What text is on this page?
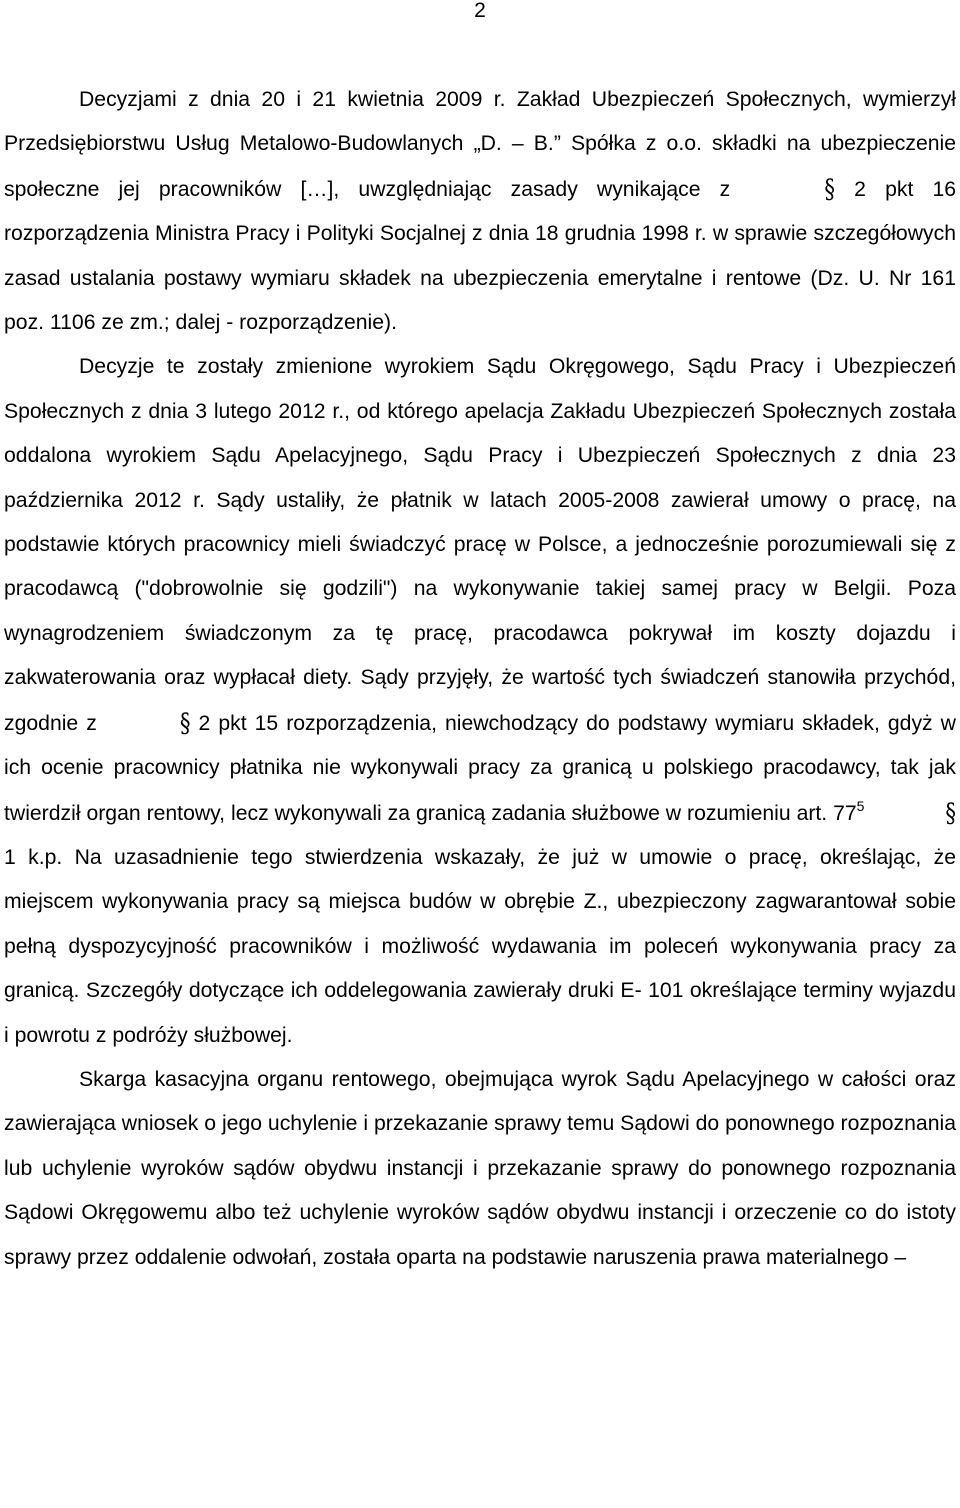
2

Decyzjami z dnia 20 i 21 kwietnia 2009 r. Zakład Ubezpieczeń Społecznych, wymierzył Przedsiębiorstwu Usług Metalowo-Budowlanych „D. – B.” Spółka z o.o. składki na ubezpieczenie społeczne jej pracowników […], uwzględniając zasady wynikające z	§ 2 pkt 16 rozporządzenia Ministra Pracy i Polityki Socjalnej z dnia 18 grudnia 1998 r. w sprawie szczegółowych zasad ustalania postawy wymiaru składek na ubezpieczenia emerytalne i rentowe (Dz. U. Nr 161 poz. 1106 ze zm.; dalej - rozporządzenie).

Decyzje te zostały zmienione wyrokiem Sądu Okręgowego, Sądu Pracy i Ubezpieczeń Społecznych z dnia 3 lutego 2012 r., od którego apelacja Zakładu Ubezpieczeń Społecznych została oddalona wyrokiem Sądu Apelacyjnego, Sądu Pracy i Ubezpieczeń Społecznych z dnia 23 października 2012 r. Sądy ustaliły, że płatnik w latach 2005-2008 zawierał umowy o pracę, na podstawie których pracownicy mieli świadczyć pracę w Polsce, a jednocześnie porozumiewali się z pracodawcą ("dobrowolnie się godzili") na wykonywanie takiej samej pracy w Belgii. Poza wynagrodzeniem świadczonym za tę pracę, pracodawca pokrywał im koszty dojazdu i zakwaterowania oraz wypłacał diety. Sądy przyjęły, że wartość tych świadczeń stanowiła przychód, zgodnie z	§ 2 pkt 15 rozporządzenia, niewchodzący do podstawy wymiaru składek, gdyż w ich ocenie pracownicy płatnika nie wykonywali pracy za granicą u polskiego pracodawcy, tak jak twierdził organ rentowy, lecz wykonywali za granicą zadania służbowe w rozumieniu art. $77^5$	§ 1 k.p. Na uzasadnienie tego stwierdzenia wskazały, że już w umowie o pracę, określając, że miejscem wykonywania pracy są miejsca budów w obrębie Z., ubezpieczony zagwarantował sobie pełną dyspozycyjność pracowników i możliwość wydawania im poleceń wykonywania pracy za granicą. Szczegóły dotyczące ich oddelegowania zawierały druki E- 101 określające terminy wyjazdu i powrotu z podróży służbowej.

Skarga kasacyjna organu rentowego, obejmująca wyrok Sądu Apelacyjnego w całości oraz zawierająca wniosek o jego uchylenie i przekazanie sprawy temu Sądowi do ponownego rozpoznania lub uchylenie wyroków sądów obydwu instancji i przekazanie sprawy do ponownego rozpoznania Sądowi Okręgowemu albo też uchylenie wyroków sądów obydwu instancji i orzeczenie co do istoty sprawy przez oddalenie odwołań, została oparta na podstawie naruszenia prawa materialnego –
